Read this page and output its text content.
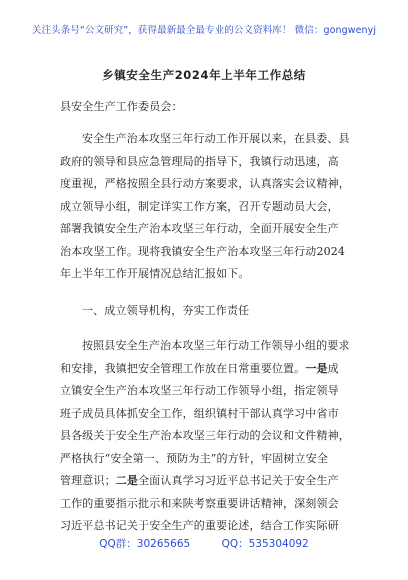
关注头条号“公文研究”，获得最新最全最专业的公文资料库！ 微信：gongwenyj
乡镇安全生产2024年上半年工作总结

县安全生产工作委员会：

安全生产治本攻坚三年行动工作开展以来，在县委、县
政府的领导和县应急管理局的指导下，我镇行动迅速，高
度重视，严格按照全县行动方案要求，认真落实会议精神，
成立领导小组，制定详实工作方案，召开专题动员大会，
部署我镇安全生产治本攻坚三年行动，全面开展安全生产
治本攻坚工作。现将我镇安全生产治本攻坚三年行动2024
年上半年工作开展情况总结汇报如下。

一、成立领导机构，夯实工作责任

按照县安全生产治本攻坚三年行动工作领导小组的要求
和安排，我镇把安全管理工作放在日常重要位置。一是成
立镇安全生产治本攻坚三年行动工作领导小组，指定领导
班子成员具体抓安全工作，组织镇村干部认真学习中省市
县各级关于安全生产治本攻坚三年行动的会议和文件精神，
严格执行“安全第一、预防为主”的方针，牢固树立安全
管理意识；二是全面认真学习习近平总书记关于安全生产
工作的重要指示批示和来陕考察重要讲话精神，深刻领会
习近平总书记关于安全生产的重要论述，结合工作实际研

QQ群：30265665	QQ：535304092
